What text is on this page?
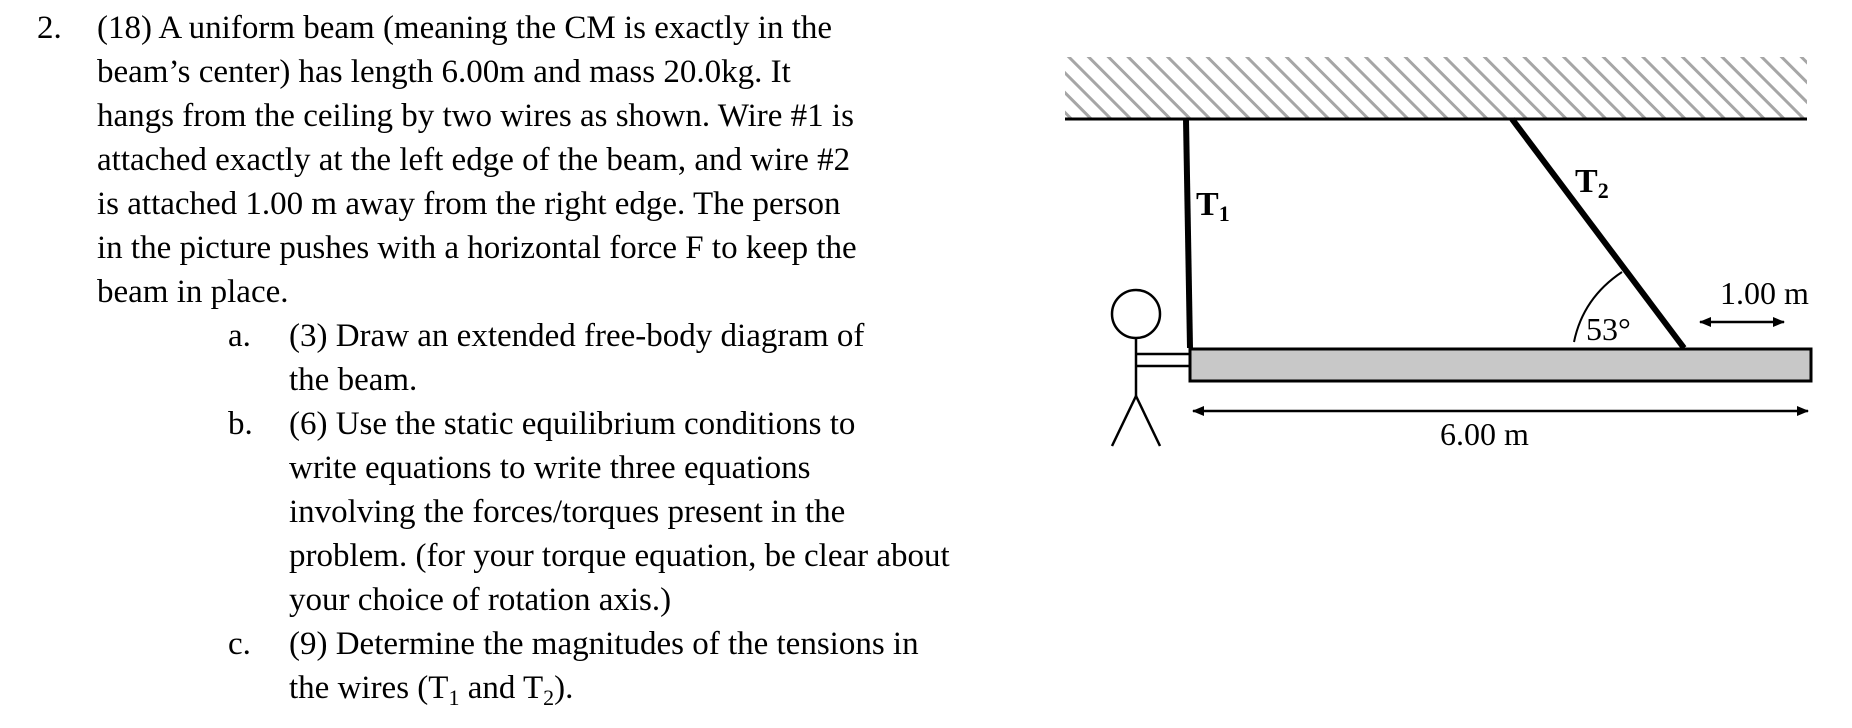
2. (18) A uniform beam (meaning the CM is exactly in the
beam’s center) has length 6.00m and mass 20.0kg. It
hangs from the ceiling by two wires as shown. Wire #1 is
attached exactly at the left edge of the beam, and wire #2
is attached 1.00 m away from the right edge. The person
in the picture pushes with a horizontal force F to keep the
beam in place.
a. (3) Draw an extended free-body diagram of
the beam.
b. (6) Use the static equilibrium conditions to
write equations to write three equations
involving the forces/torques present in the
problem. (for your torque equation, be clear about
your choice of rotation axis.)
c. (9) Determine the magnitudes of the tensions in
the wires ($T_1$ and $T_2$).
T1
T2
53°
1.00 m
6.00 m
